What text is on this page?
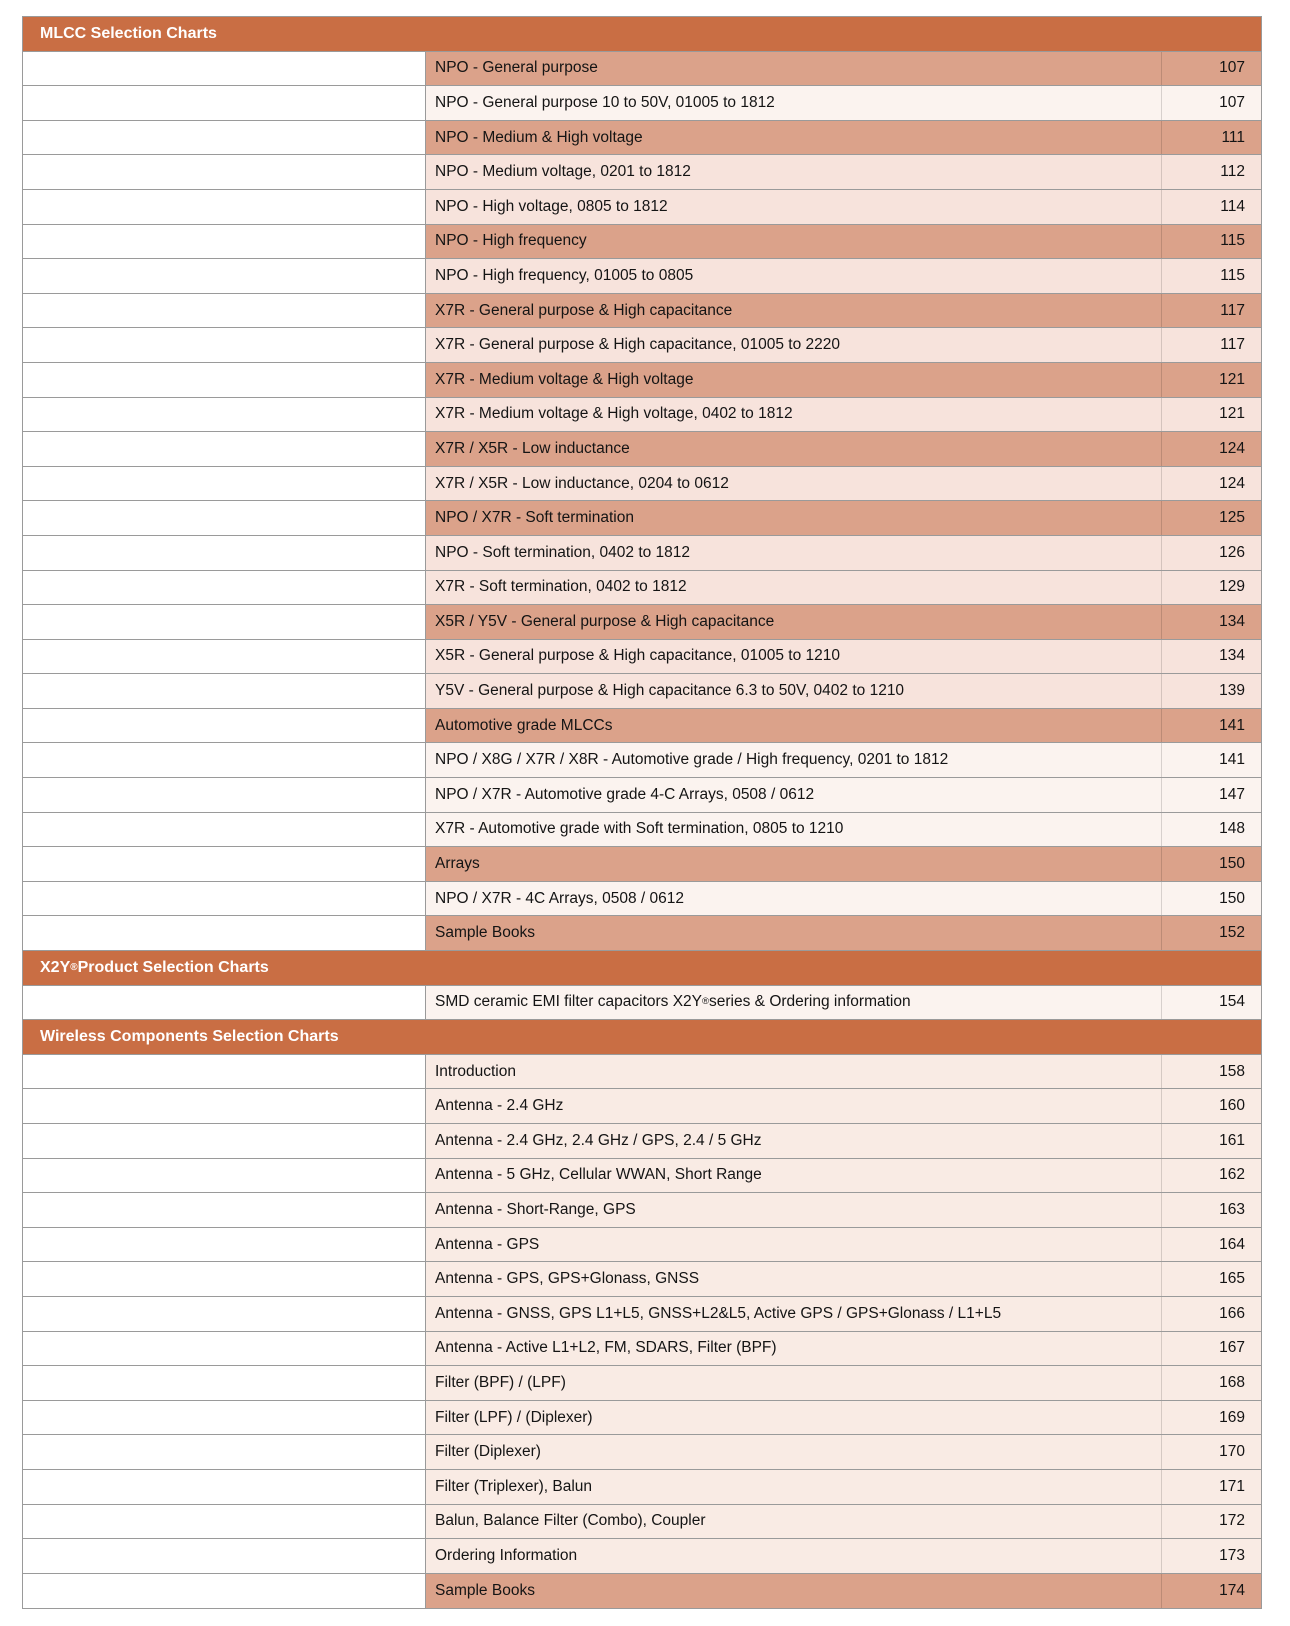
MLCC Selection Charts
NPO - General purpose	107
NPO - General purpose 10 to 50V, 01005 to 1812	107
NPO - Medium & High voltage	111
NPO - Medium voltage, 0201 to 1812	112
NPO - High voltage, 0805 to 1812	114
NPO - High frequency	115
NPO - High frequency, 01005 to 0805	115
X7R - General purpose & High capacitance	117
X7R - General purpose & High capacitance, 01005 to 2220	117
X7R - Medium voltage & High voltage	121
X7R - Medium voltage & High voltage, 0402 to 1812	121
X7R / X5R - Low inductance	124
X7R / X5R - Low inductance, 0204 to 0612	124
NPO / X7R - Soft termination	125
NPO - Soft termination, 0402 to 1812	126
X7R - Soft termination, 0402 to 1812	129
X5R / Y5V - General purpose & High capacitance	134
X5R - General purpose & High capacitance, 01005 to 1210	134
Y5V - General purpose & High capacitance 6.3 to 50V, 0402 to 1210	139
Automotive grade MLCCs	141
NPO / X8G / X7R / X8R - Automotive grade / High frequency, 0201 to 1812	141
NPO / X7R - Automotive grade 4-C Arrays, 0508 / 0612	147
X7R - Automotive grade with Soft termination, 0805 to 1210	148
Arrays	150
NPO / X7R - 4C Arrays, 0508 / 0612	150
Sample Books	152
X2Y ® Product Selection Charts
SMD ceramic EMI filter capacitors X2Y ® series & Ordering information	154
Wireless Components Selection Charts
Introduction	158
Antenna - 2.4 GHz	160
Antenna - 2.4 GHz, 2.4 GHz / GPS, 2.4 / 5 GHz	161
Antenna - 5 GHz, Cellular WWAN, Short Range	162
Antenna - Short-Range, GPS	163
Antenna - GPS	164
Antenna - GPS, GPS+Glonass, GNSS	165
Antenna - GNSS, GPS L1+L5, GNSS+L2&L5, Active GPS / GPS+Glonass / L1+L5	166
Antenna - Active L1+L2, FM, SDARS, Filter (BPF)	167
Filter (BPF) / (LPF)	168
Filter (LPF) / (Diplexer)	169
Filter (Diplexer)	170
Filter (Triplexer), Balun	171
Balun, Balance Filter (Combo), Coupler	172
Ordering Information	173
Sample Books	174
